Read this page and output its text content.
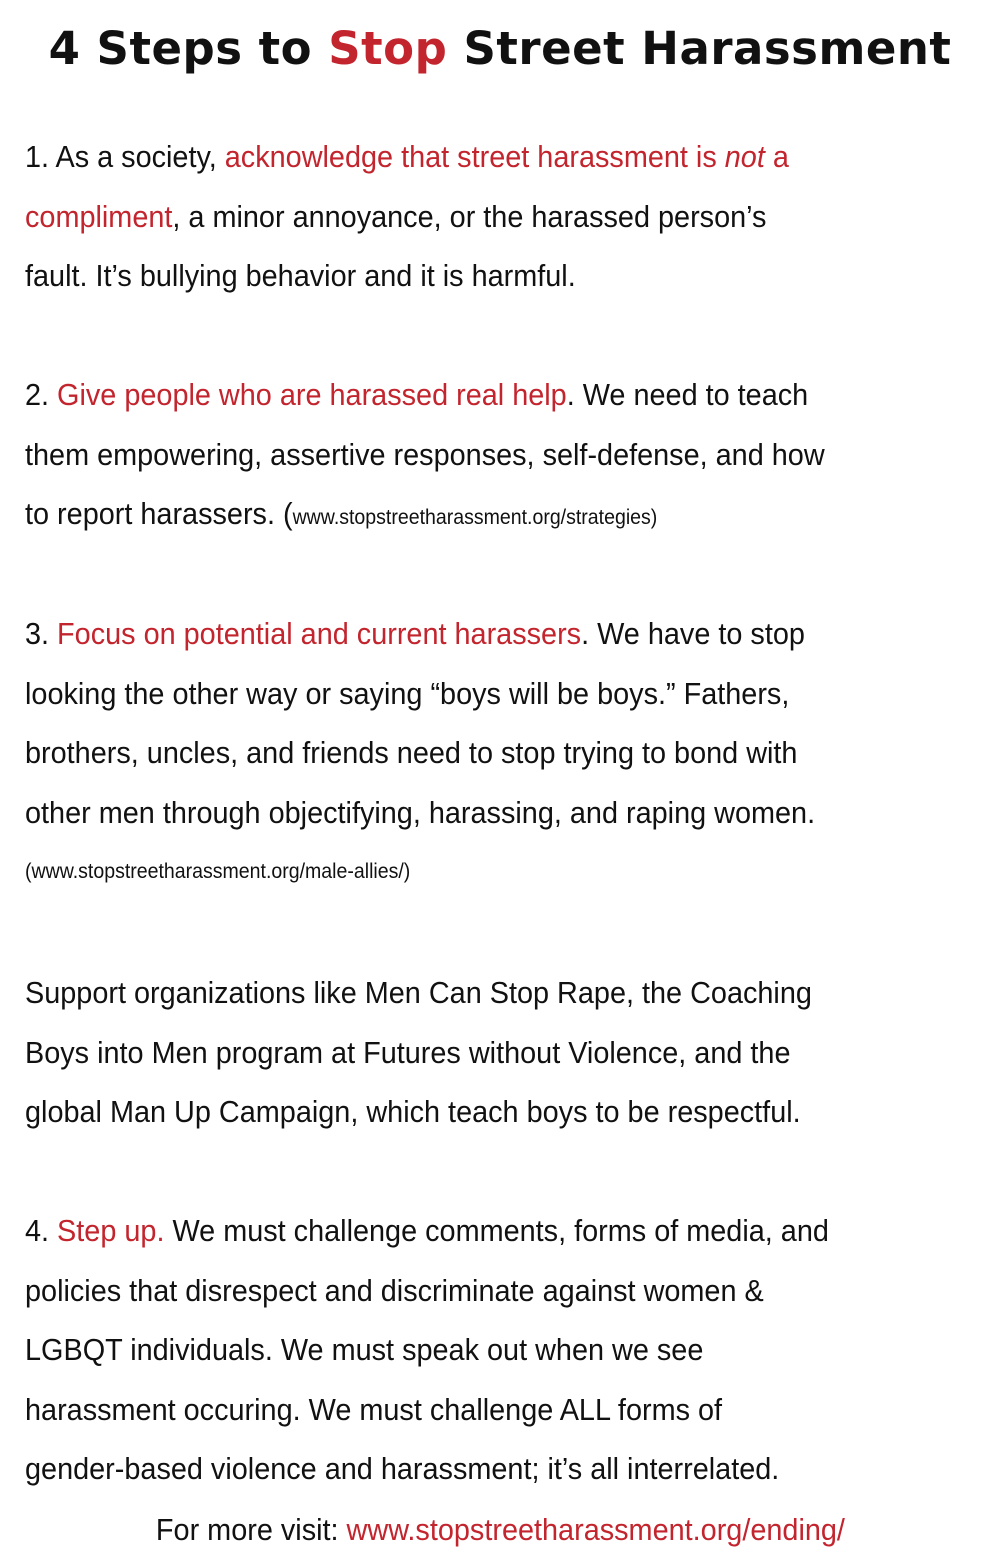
4 Steps to Stop Street Harassment
1. As a society, acknowledge that street harassment is not a
compliment, a minor annoyance, or the harassed person’s
fault. It’s bullying behavior and it is harmful.
2. Give people who are harassed real help. We need to teach
them empowering, assertive responses, self-defense, and how
to report harassers. (www.stopstreetharassment.org/strategies)
3. Focus on potential and current harassers. We have to stop
looking the other way or saying “boys will be boys.” Fathers,
brothers, uncles, and friends need to stop trying to bond with
other men through objectifying, harassing, and raping women.
(www.stopstreetharassment.org/male-allies/)
Support organizations like Men Can Stop Rape, the Coaching
Boys into Men program at Futures without Violence, and the
global Man Up Campaign, which teach boys to be respectful.
4. Step up. We must challenge comments, forms of media, and
policies that disrespect and discriminate against women &
LGBQT individuals. We must speak out when we see
harassment occuring. We must challenge ALL forms of
gender-based violence and harassment; it’s all interrelated.
For more visit: www.stopstreetharassment.org/ending/
